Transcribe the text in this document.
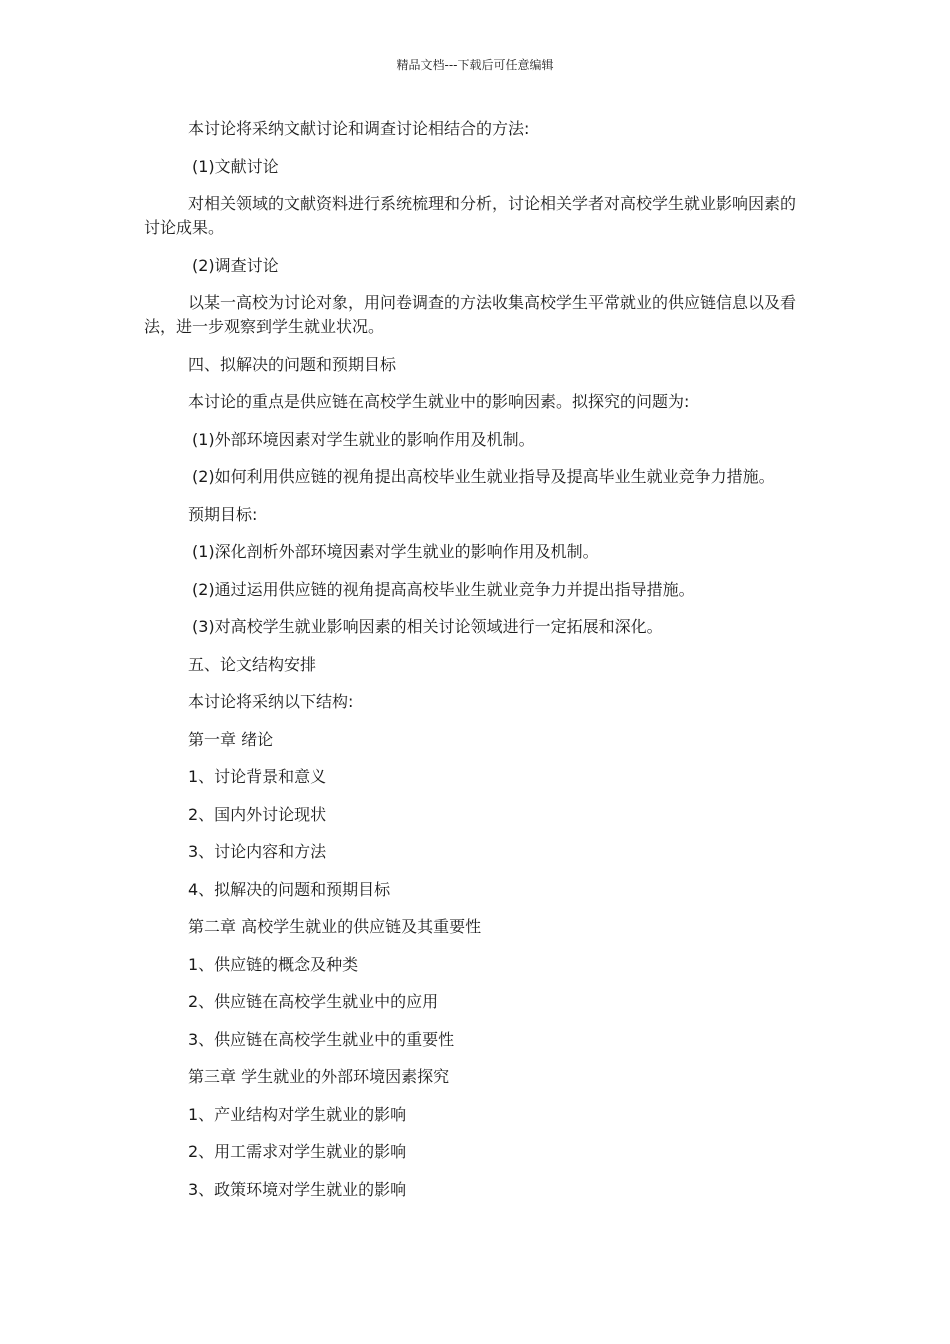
精品文档---下载后可任意编辑

本讨论将采纳文献讨论和调查讨论相结合的方法:

(1)文献讨论

对相关领域的文献资料进行系统梳理和分析，讨论相关学者对高校学生就业影响因素的讨论成果。

(2)调查讨论

以某一高校为讨论对象，用问卷调查的方法收集高校学生平常就业的供应链信息以及看法，进一步观察到学生就业状况。

四、拟解决的问题和预期目标

本讨论的重点是供应链在高校学生就业中的影响因素。拟探究的问题为:

(1)外部环境因素对学生就业的影响作用及机制。

(2)如何利用供应链的视角提出高校毕业生就业指导及提高毕业生就业竞争力措施。

预期目标:

(1)深化剖析外部环境因素对学生就业的影响作用及机制。

(2)通过运用供应链的视角提高高校毕业生就业竞争力并提出指导措施。

(3)对高校学生就业影响因素的相关讨论领域进行一定拓展和深化。

五、论文结构安排

本讨论将采纳以下结构:

第一章 绪论

1、讨论背景和意义

2、国内外讨论现状

3、讨论内容和方法

4、拟解决的问题和预期目标

第二章 高校学生就业的供应链及其重要性

1、供应链的概念及种类

2、供应链在高校学生就业中的应用

3、供应链在高校学生就业中的重要性

第三章 学生就业的外部环境因素探究

1、产业结构对学生就业的影响

2、用工需求对学生就业的影响

3、政策环境对学生就业的影响
